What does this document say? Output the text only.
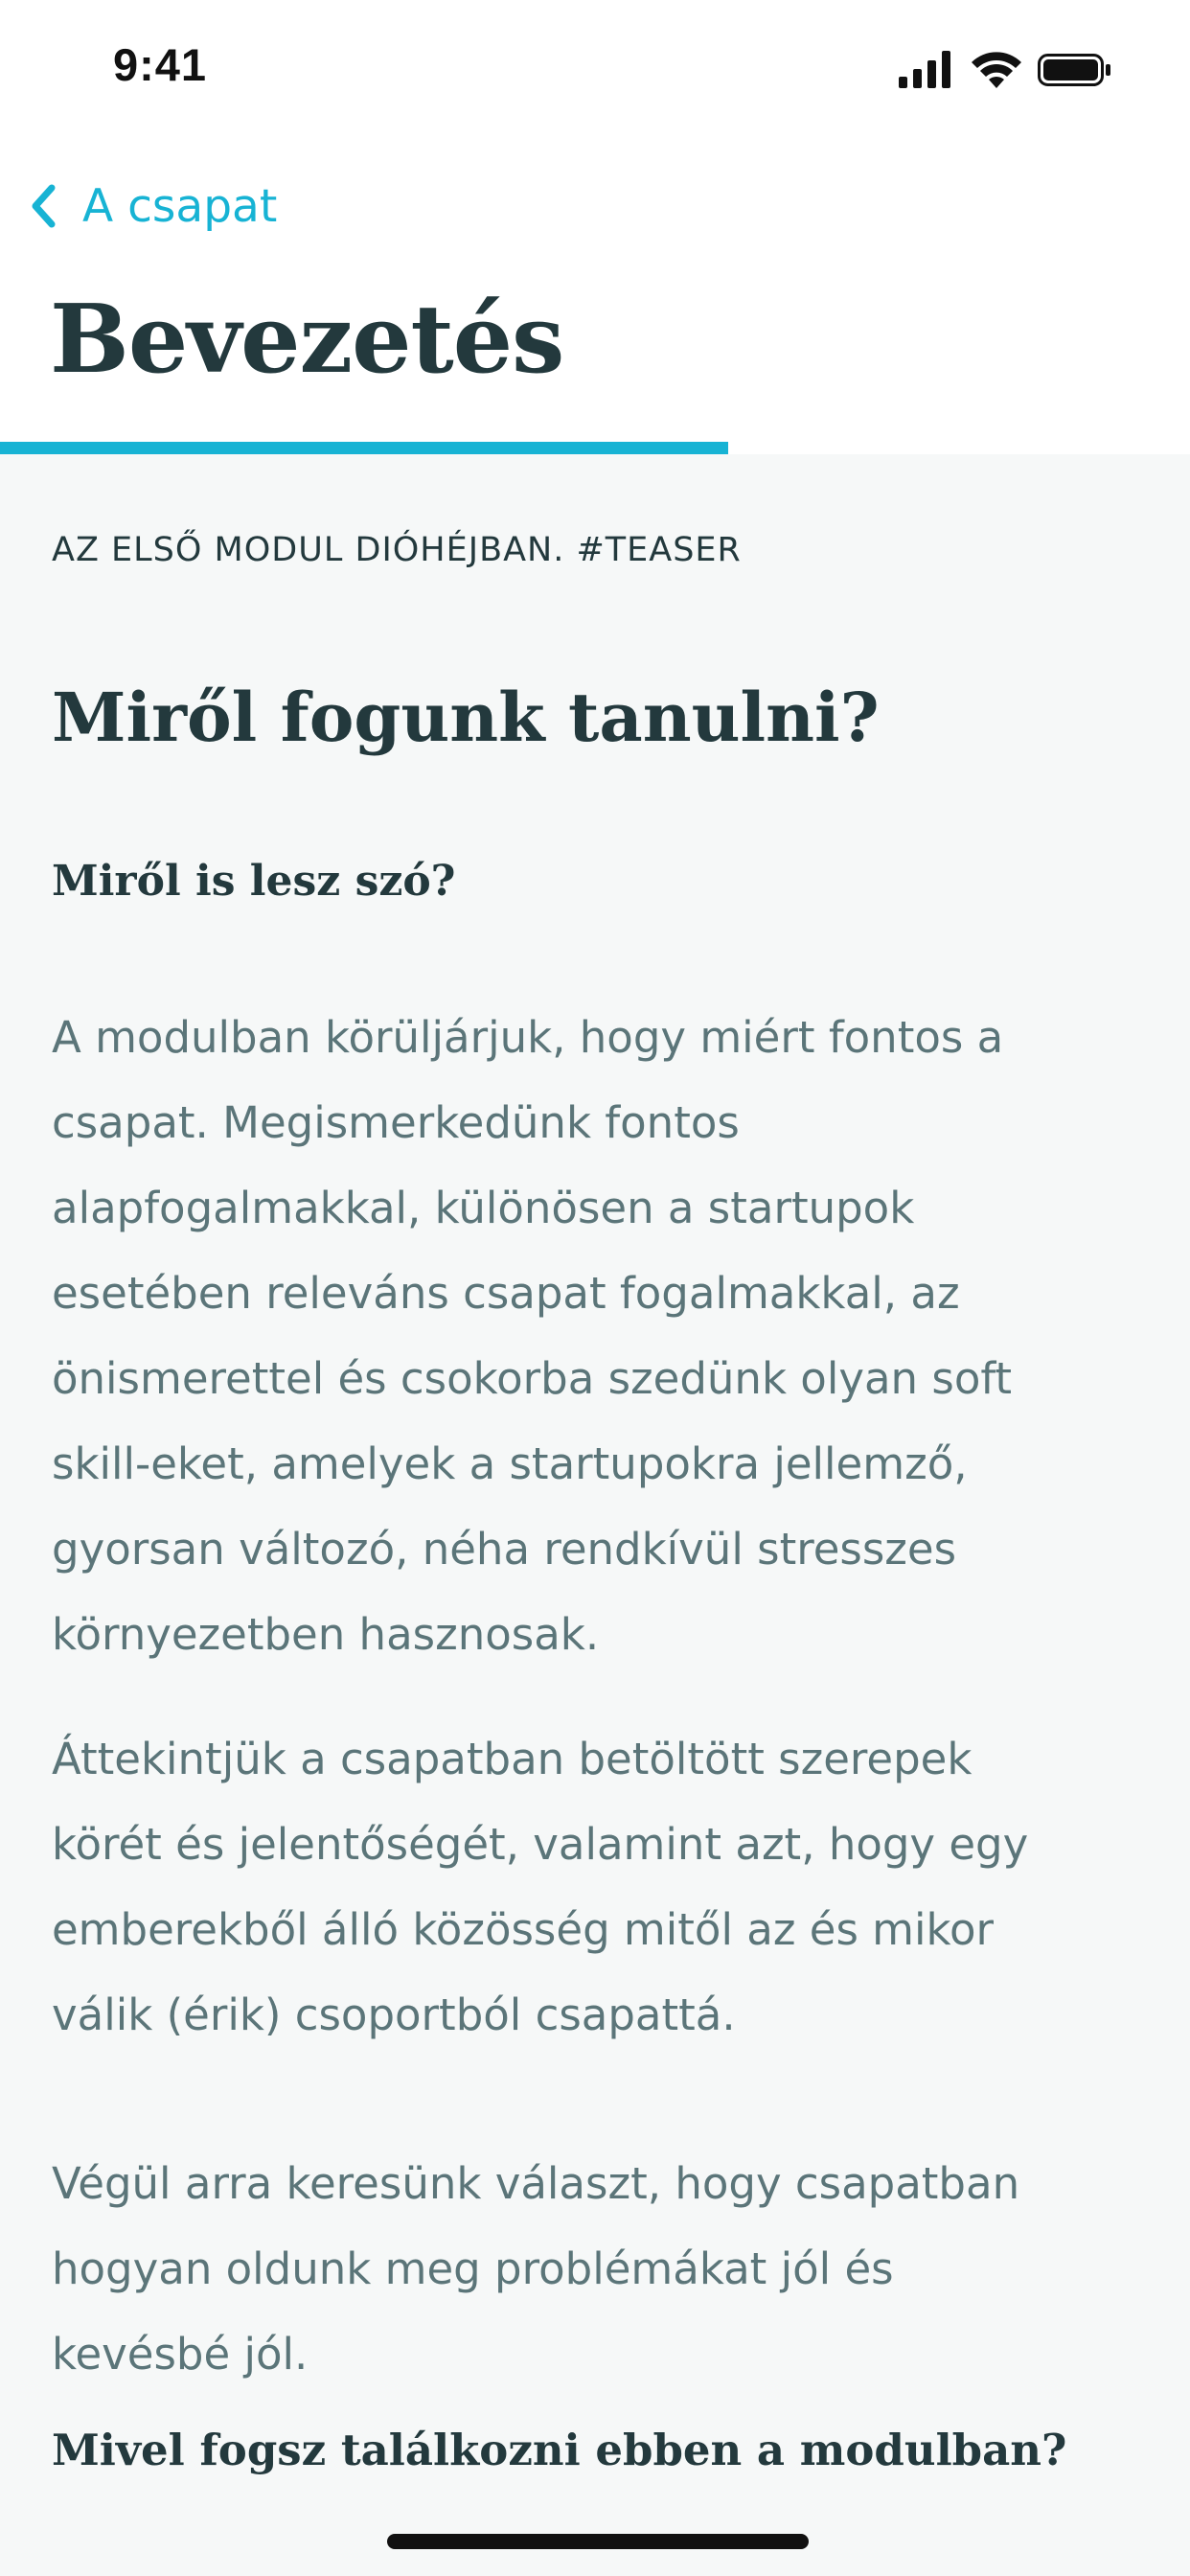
9:41
A csapat
Bevezetés
AZ ELSŐ MODUL DIÓHÉJBAN. #TEASER
Miről fogunk tanulni?
Miről is lesz szó?

A modulban körüljárjuk, hogy miért fontos a
csapat. Megismerkedünk fontos
alapfogalmakkal, különösen a startupok
esetében releváns csapat fogalmakkal, az
önismerettel és csokorba szedünk olyan soft
skill-eket, amelyek a startupokra jellemző,
gyorsan változó, néha rendkívül stresszes
környezetben hasznosak.

Áttekintjük a csapatban betöltött szerepek
körét és jelentőségét, valamint azt, hogy egy
emberekből álló közösség mitől az és mikor
válik (érik) csoportból csapattá.

Végül arra keresünk választ, hogy csapatban
hogyan oldunk meg problémákat jól és
kevésbé jól.

Mivel fogsz találkozni ebben a modulban?
